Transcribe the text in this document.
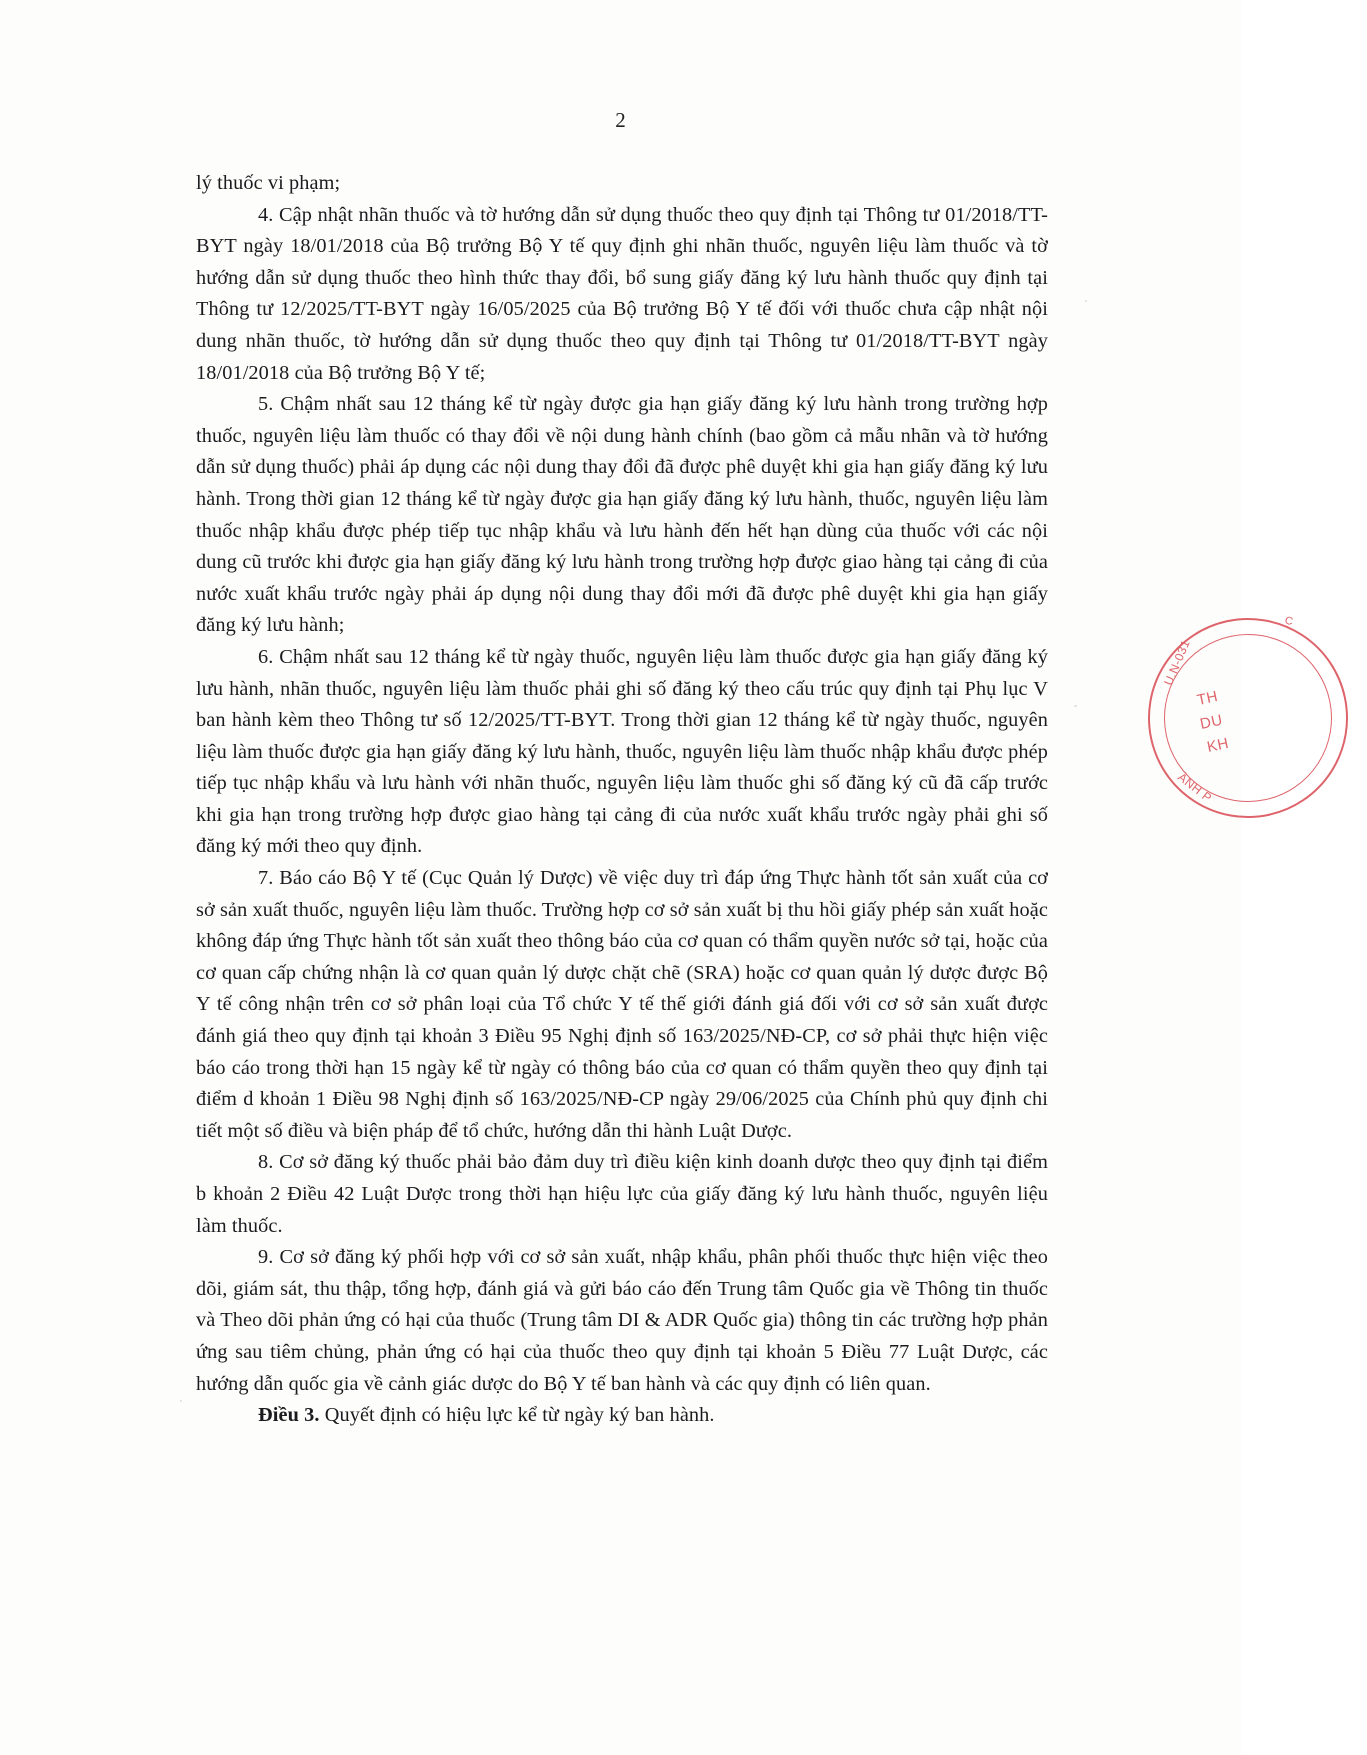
2

lý thuốc vi phạm;

4. Cập nhật nhãn thuốc và tờ hướng dẫn sử dụng thuốc theo quy định tại Thông tư 01/2018/TT-BYT ngày 18/01/2018 của Bộ trưởng Bộ Y tế quy định ghi nhãn thuốc, nguyên liệu làm thuốc và tờ hướng dẫn sử dụng thuốc theo hình thức thay đổi, bổ sung giấy đăng ký lưu hành thuốc quy định tại Thông tư 12/2025/TT-BYT ngày 16/05/2025 của Bộ trưởng Bộ Y tế đối với thuốc chưa cập nhật nội dung nhãn thuốc, tờ hướng dẫn sử dụng thuốc theo quy định tại Thông tư 01/2018/TT-BYT ngày 18/01/2018 của Bộ trưởng Bộ Y tế;

5. Chậm nhất sau 12 tháng kể từ ngày được gia hạn giấy đăng ký lưu hành trong trường hợp thuốc, nguyên liệu làm thuốc có thay đổi về nội dung hành chính (bao gồm cả mẫu nhãn và tờ hướng dẫn sử dụng thuốc) phải áp dụng các nội dung thay đổi đã được phê duyệt khi gia hạn giấy đăng ký lưu hành. Trong thời gian 12 tháng kể từ ngày được gia hạn giấy đăng ký lưu hành, thuốc, nguyên liệu làm thuốc nhập khẩu được phép tiếp tục nhập khẩu và lưu hành đến hết hạn dùng của thuốc với các nội dung cũ trước khi được gia hạn giấy đăng ký lưu hành trong trường hợp được giao hàng tại cảng đi của nước xuất khẩu trước ngày phải áp dụng nội dung thay đổi mới đã được phê duyệt khi gia hạn giấy đăng ký lưu hành;

6. Chậm nhất sau 12 tháng kể từ ngày thuốc, nguyên liệu làm thuốc được gia hạn giấy đăng ký lưu hành, nhãn thuốc, nguyên liệu làm thuốc phải ghi số đăng ký theo cấu trúc quy định tại Phụ lục V ban hành kèm theo Thông tư số 12/2025/TT-BYT. Trong thời gian 12 tháng kể từ ngày thuốc, nguyên liệu làm thuốc được gia hạn giấy đăng ký lưu hành, thuốc, nguyên liệu làm thuốc nhập khẩu được phép tiếp tục nhập khẩu và lưu hành với nhãn thuốc, nguyên liệu làm thuốc ghi số đăng ký cũ đã cấp trước khi gia hạn trong trường hợp được giao hàng tại cảng đi của nước xuất khẩu trước ngày phải ghi số đăng ký mới theo quy định.

7. Báo cáo Bộ Y tế (Cục Quản lý Dược) về việc duy trì đáp ứng Thực hành tốt sản xuất của cơ sở sản xuất thuốc, nguyên liệu làm thuốc. Trường hợp cơ sở sản xuất bị thu hồi giấy phép sản xuất hoặc không đáp ứng Thực hành tốt sản xuất theo thông báo của cơ quan có thẩm quyền nước sở tại, hoặc của cơ quan cấp chứng nhận là cơ quan quản lý dược chặt chẽ (SRA) hoặc cơ quan quản lý dược được Bộ Y tế công nhận trên cơ sở phân loại của Tổ chức Y tế thế giới đánh giá đối với cơ sở sản xuất được đánh giá theo quy định tại khoản 3 Điều 95 Nghị định số 163/2025/NĐ-CP, cơ sở phải thực hiện việc báo cáo trong thời hạn 15 ngày kể từ ngày có thông báo của cơ quan có thẩm quyền theo quy định tại điểm d khoản 1 Điều 98 Nghị định số 163/2025/NĐ-CP ngày 29/06/2025 của Chính phủ quy định chi tiết một số điều và biện pháp để tổ chức, hướng dẫn thi hành Luật Dược.

8. Cơ sở đăng ký thuốc phải bảo đảm duy trì điều kiện kinh doanh dược theo quy định tại điểm b khoản 2 Điều 42 Luật Dược trong thời hạn hiệu lực của giấy đăng ký lưu hành thuốc, nguyên liệu làm thuốc.

9. Cơ sở đăng ký phối hợp với cơ sở sản xuất, nhập khẩu, phân phối thuốc thực hiện việc theo dõi, giám sát, thu thập, tổng hợp, đánh giá và gửi báo cáo đến Trung tâm Quốc gia về Thông tin thuốc và Theo dõi phản ứng có hại của thuốc (Trung tâm DI & ADR Quốc gia) thông tin các trường hợp phản ứng sau tiêm chủng, phản ứng có hại của thuốc theo quy định tại khoản 5 Điều 77 Luật Dược, các hướng dẫn quốc gia về cảnh giác dược do Bộ Y tế ban hành và các quy định có liên quan.

Điều 3. Quyết định có hiệu lực kể từ ngày ký ban hành.

U.N-031
ÀNH P
TH
DU
KH
C
